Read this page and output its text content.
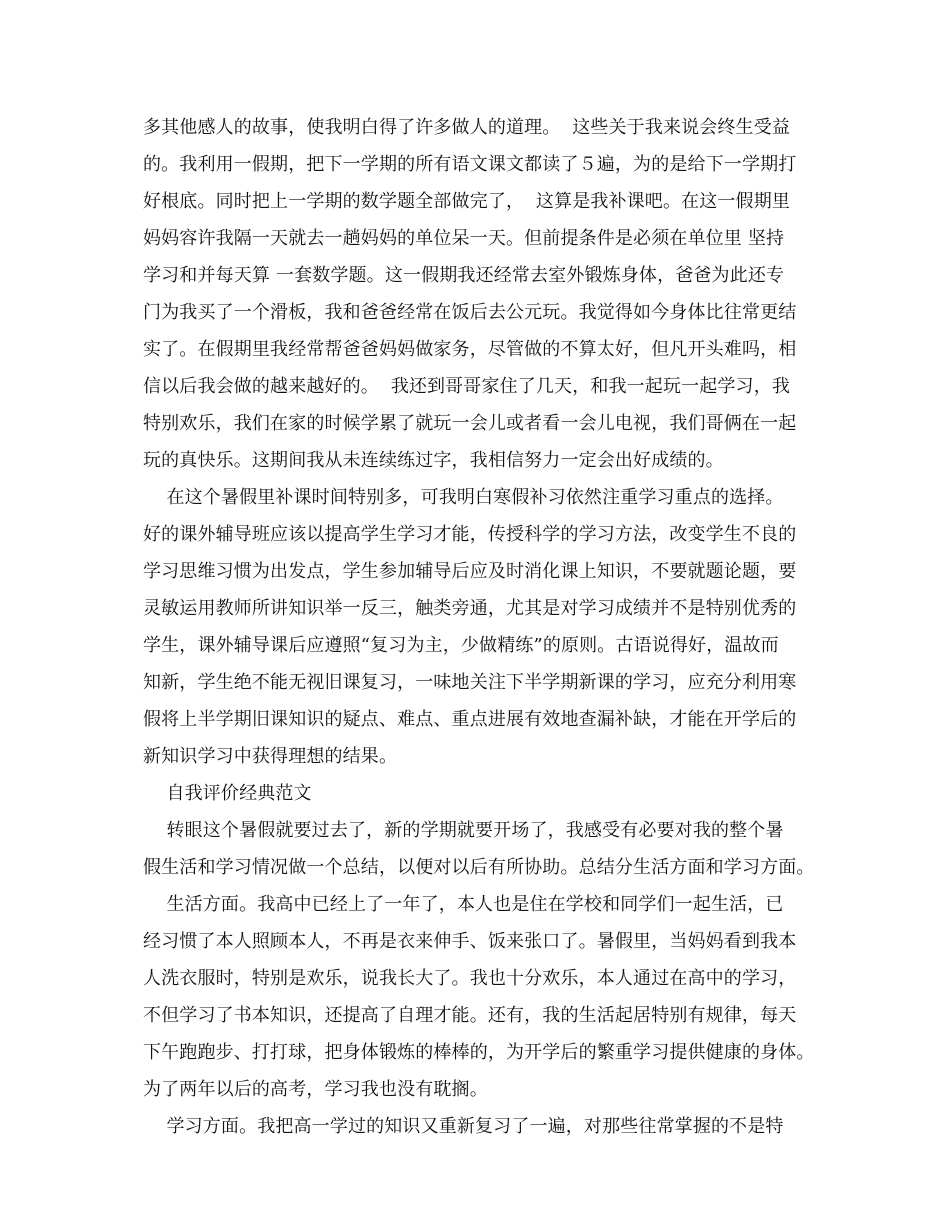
多其他感人的故事，使我明白得了许多做人的道理。  这些关于我来说会终生受益
的。我利用一假期，把下一学期的所有语文课文都读了５遍，为的是给下一学期打
好根底。同时把上一学期的数学题全部做完了，  这算是我补课吧。在这一假期里
妈妈容许我隔一天就去一趟妈妈的单位呆一天。但前提条件是必须在单位里 坚持
学习和并每天算 一套数学题。这一假期我还经常去室外锻炼身体，爸爸为此还专
门为我买了一个滑板，我和爸爸经常在饭后去公元玩。我觉得如今身体比往常更结
实了。在假期里我经常帮爸爸妈妈做家务，尽管做的不算太好，但凡开头难吗，相
信以后我会做的越来越好的。  我还到哥哥家住了几天，和我一起玩一起学习，我
特别欢乐，我们在家的时候学累了就玩一会儿或者看一会儿电视，我们哥俩在一起
玩的真快乐。这期间我从未连续练过字，我相信努力一定会出好成绩的。
在这个暑假里补课时间特别多，可我明白寒假补习依然注重学习重点的选择。
好的课外辅导班应该以提高学生学习才能，传授科学的学习方法，改变学生不良的
学习思维习惯为出发点，学生参加辅导后应及时消化课上知识，不要就题论题，要
灵敏运用教师所讲知识举一反三，触类旁通，尤其是对学习成绩并不是特别优秀的
学生，课外辅导课后应遵照“复习为主，少做精练”的原则。古语说得好，温故而
知新，学生绝不能无视旧课复习，一味地关注下半学期新课的学习，应充分利用寒
假将上半学期旧课知识的疑点、难点、重点进展有效地查漏补缺，才能在开学后的
新知识学习中获得理想的结果。
自我评价经典范文
转眼这个暑假就要过去了，新的学期就要开场了，我感受有必要对我的整个暑
假生活和学习情况做一个总结，以便对以后有所协助。总结分生活方面和学习方面。
生活方面。我高中已经上了一年了，本人也是住在学校和同学们一起生活，已
经习惯了本人照顾本人，不再是衣来伸手、饭来张口了。暑假里，当妈妈看到我本
人洗衣服时，特别是欢乐，说我长大了。我也十分欢乐，本人通过在高中的学习，
不但学习了书本知识，还提高了自理才能。还有，我的生活起居特别有规律，每天
下午跑跑步、打打球，把身体锻炼的棒棒的，为开学后的繁重学习提供健康的身体。
为了两年以后的高考，学习我也没有耽搁。
学习方面。我把高一学过的知识又重新复习了一遍，对那些往常掌握的不是特
